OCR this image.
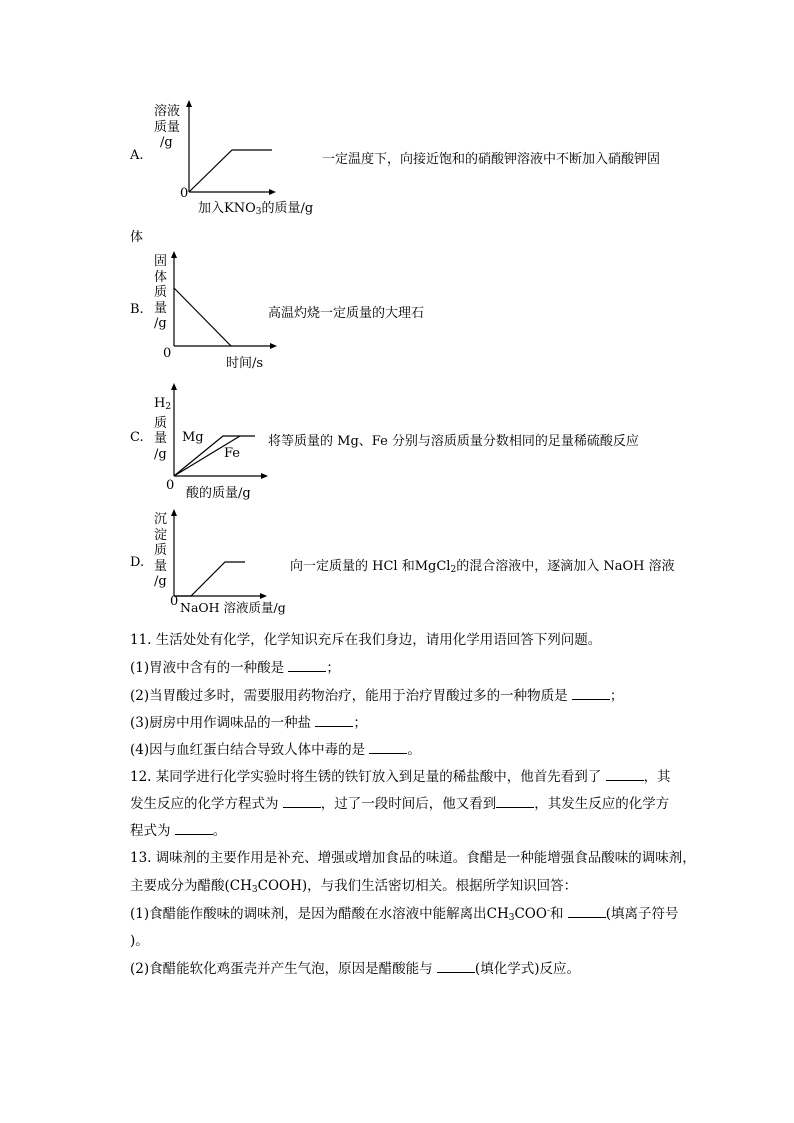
A.
溶液
质量
/g
0
加入$KNO_3$的质量/g
一定温度下，向接近饱和的硝酸钾溶液中不断加入硝酸钾固
体
B.
固
体
质
量
/g
0
时间/s
高温灼烧一定质量的大理石
C.
$H_2$
质
量
/g
Mg
Fe
0
酸的质量/g
将等质量的 Mg、Fe 分别与溶质质量分数相同的足量稀硫酸反应
D.
沉
淀
质
量
/g
0 NaOH 溶液质量/g
向一定质量的 HCl 和MgCl$_2$的混合溶液中，逐滴加入 NaOH 溶液
11. 生活处处有化学，化学知识充斥在我们身边，请用化学用语回答下列问题。
(1)胃液中含有的一种酸是	；
(2)当胃酸过多时，需要服用药物治疗，能用于治疗胃酸过多的一种物质是	；
(3)厨房中用作调味品的一种盐	；
(4)因与血红蛋白结合导致人体中毒的是	。
12. 某同学进行化学实验时将生锈的铁钉放入到足量的稀盐酸中，他首先看到了	，其
发生反应的化学方程式为	，过了一段时间后，他又看到	，其发生反应的化学方
程式为	。
13. 调味剂的主要作用是补充、增强或增加食品的味道。食醋是一种能增强食品酸味的调味剂，
主要成分为醋酸$(CH_3COOH)$，与我们生活密切相关。根据所学知识回答：
(1)食醋能作酸味的调味剂，是因为醋酸在水溶液中能解离出$CH_3COO^-$和	(填离子符号
)。
(2)食醋能软化鸡蛋壳并产生气泡，原因是醋酸能与	(填化学式)反应。
